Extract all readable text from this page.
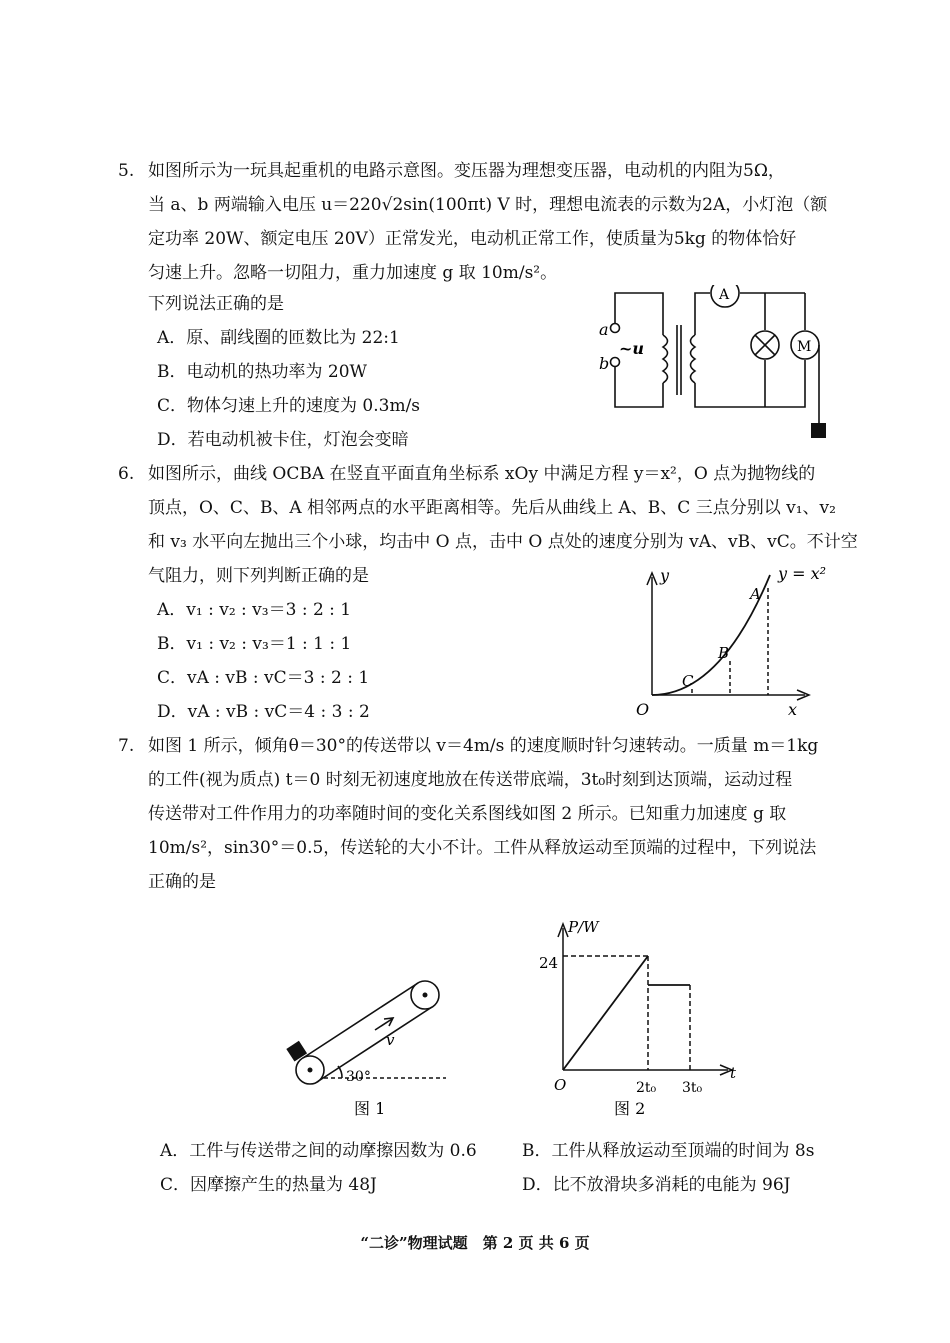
5. 如图所示为一玩具起重机的电路示意图。变压器为理想变压器，电动机的内阻为5Ω，
当 a、b 两端输入电压 u＝220√2sin(100πt) V 时，理想电流表的示数为2A，小灯泡（额
定功率 20W、额定电压 20V）正常发光，电动机正常工作，使质量为5kg 的物体恰好
匀速上升。忽略一切阻力，重力加速度 g 取 10m/s²。
下列说法正确的是
A．原、副线圈的匝数比为 22:1
B．电动机的热功率为 20W
C．物体匀速上升的速度为 0.3m/s
D．若电动机被卡住，灯泡会变暗
a
b
~u
A
M
6. 如图所示，曲线 OCBA 在竖直平面直角坐标系 xOy 中满足方程 y＝x²，O 点为抛物线的
顶点，O、C、B、A 相邻两点的水平距离相等。先后从曲线上 A、B、C 三点分别以 v₁、v₂
和 v₃ 水平向左抛出三个小球，均击中 O 点，击中 O 点处的速度分别为 vA、vB、vC。不计空
气阻力，则下列判断正确的是
A．v₁ : v₂ : v₃＝3 : 2 : 1
B．v₁ : v₂ : v₃＝1 : 1 : 1
C．vA : vB : vC＝3 : 2 : 1
D．vA : vB : vC＝4 : 3 : 2
y
x
O
A
B
C
y = x²
7. 如图 1 所示，倾角θ＝30°的传送带以 v＝4m/s 的速度顺时针匀速转动。一质量 m＝1kg
的工件(视为质点) t＝0 时刻无初速度地放在传送带底端，3t₀时刻到达顶端，运动过程
传送带对工件作用力的功率随时间的变化关系图线如图 2 所示。已知重力加速度 g 取
10m/s²，sin30°＝0.5，传送轮的大小不计。工件从释放运动至顶端的过程中，下列说法
正确的是
30°
v
图 1
P/W
t
O
24
2t₀ 3t₀
图 2
A．工件与传送带之间的动摩擦因数为 0.6	B．工件从释放运动至顶端的时间为 8s
C．因摩擦产生的热量为 48J	D．比不放滑块多消耗的电能为 96J
“二诊”物理试题　第 2 页 共 6 页
